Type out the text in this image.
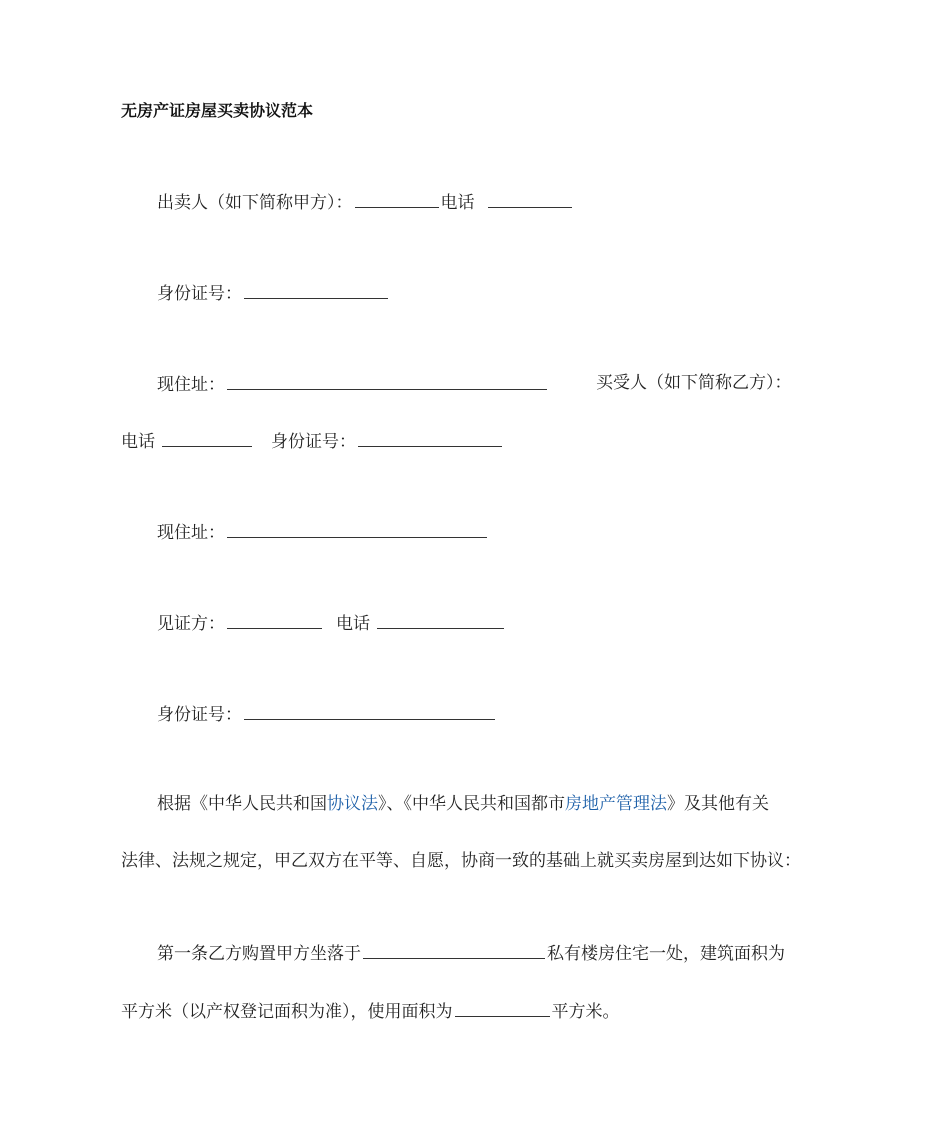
无房产证房屋买卖协议范本
出卖人（如下简称甲方）：	电话
身份证号：
现住址：	买受人（如下简称乙方）：
电话	身份证号：
现住址：
见证方：	电话
身份证号：
根据《中华人民共和国协议法》、《中华人民共和国都市房地产管理法》及其他有关
法律、法规之规定，甲乙双方在平等、自愿，协商一致的基础上就买卖房屋到达如下协议：
第一条乙方购置甲方坐落于	私有楼房住宅一处，建筑面积为
平方米（以产权登记面积为准），使用面积为	平方米。
